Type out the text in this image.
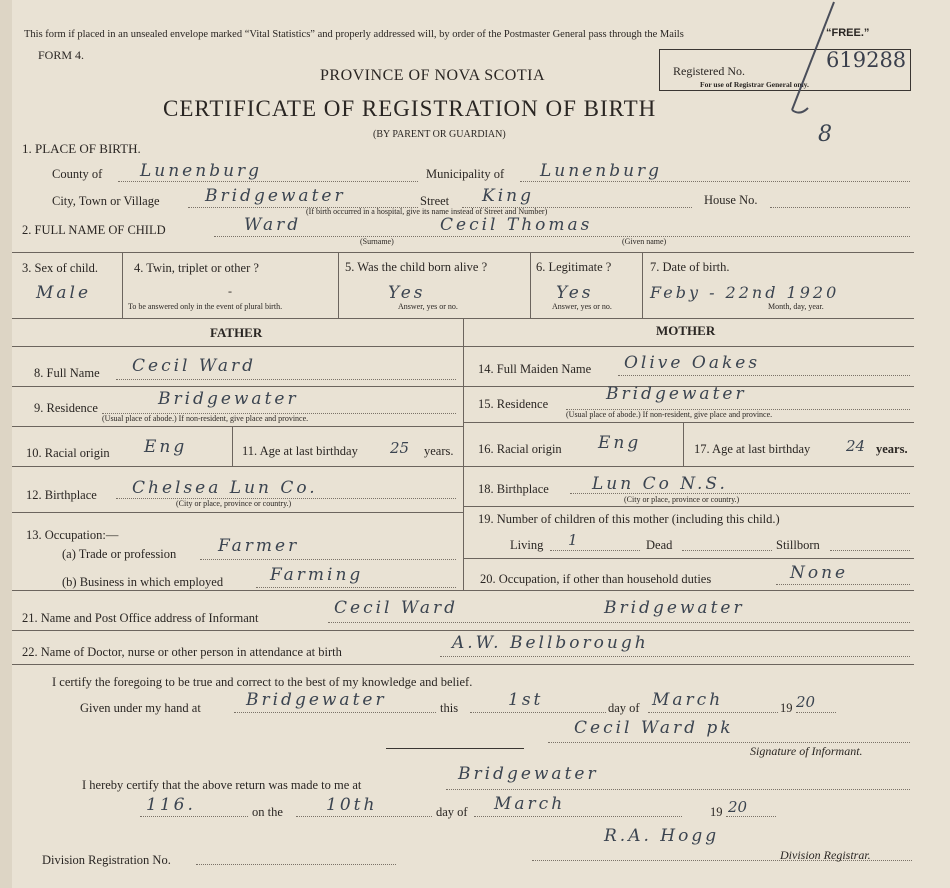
This form if placed in an unsealed envelope marked “Vital Statistics” and properly addressed will, by order of the Postmaster General pass through the Mails	“FREE.”
FORM 4.
PROVINCE OF NOVA SCOTIA
CERTIFICATE OF REGISTRATION OF BIRTH
(BY PARENT OR GUARDIAN)
Registered No.	619288
For use of Registrar General only.
8
1. PLACE OF BIRTH.
County of Lunenburg	Municipality of Lunenburg
City, Town or Village	Bridgewater	Street King	House No.
(If birth occurred in a hospital, give its name instead of Street and Number)
2. FULL NAME OF CHILD	Ward	Cecil Thomas
(Surname)	(Given name)
3. Sex of child.
Male
4. Twin, triplet or other ?
-
To be answered only in the event of plural birth.
5. Was the child born alive ?
Yes
Answer, yes or no.
6. Legitimate ?
Yes
Answer, yes or no.
7. Date of birth.
Feby - 22nd 1920
Month, day, year.
FATHER	MOTHER
8. Full Name Cecil Ward
9. Residence	Bridgewater
(Usual place of abode.) If non-resident, give place and province.
10. Racial origin Eng	11. Age at last birthday 25 years.
12. Birthplace Chelsea Lun Co.
(City or place, province or country.)
13. Occupation:—
(a) Trade or profession Farmer
(b) Business in which employed	Farming
14. Full Maiden Name Olive Oakes
15. Residence	Bridgewater
(Usual place of abode.) If non-resident, give place and province.
16. Racial origin Eng	17. Age at last birthday 24 years.
18. Birthplace	Lun Co N.S.
(City or place, province or country.)
19. Number of children of this mother (including this child.)
Living 1	Dead	Stillborn
20. Occupation, if other than household duties	None
21. Name and Post Office address of Informant	Cecil Ward	Bridgewater
22. Name of Doctor, nurse or other person in attendance at birth	A.W. Bellborough
I certify the foregoing to be true and correct to the best of my knowledge and belief.
Given under my hand at	Bridgewater	this	1st	day of March	19 20
Cecil Ward pk
Signature of Informant.
I hereby certify that the above return was made to me at
Bridgewater
116.	on the	10th	day of March	19 20
R.A. Hogg
Division Registration No.	Division Registrar.
